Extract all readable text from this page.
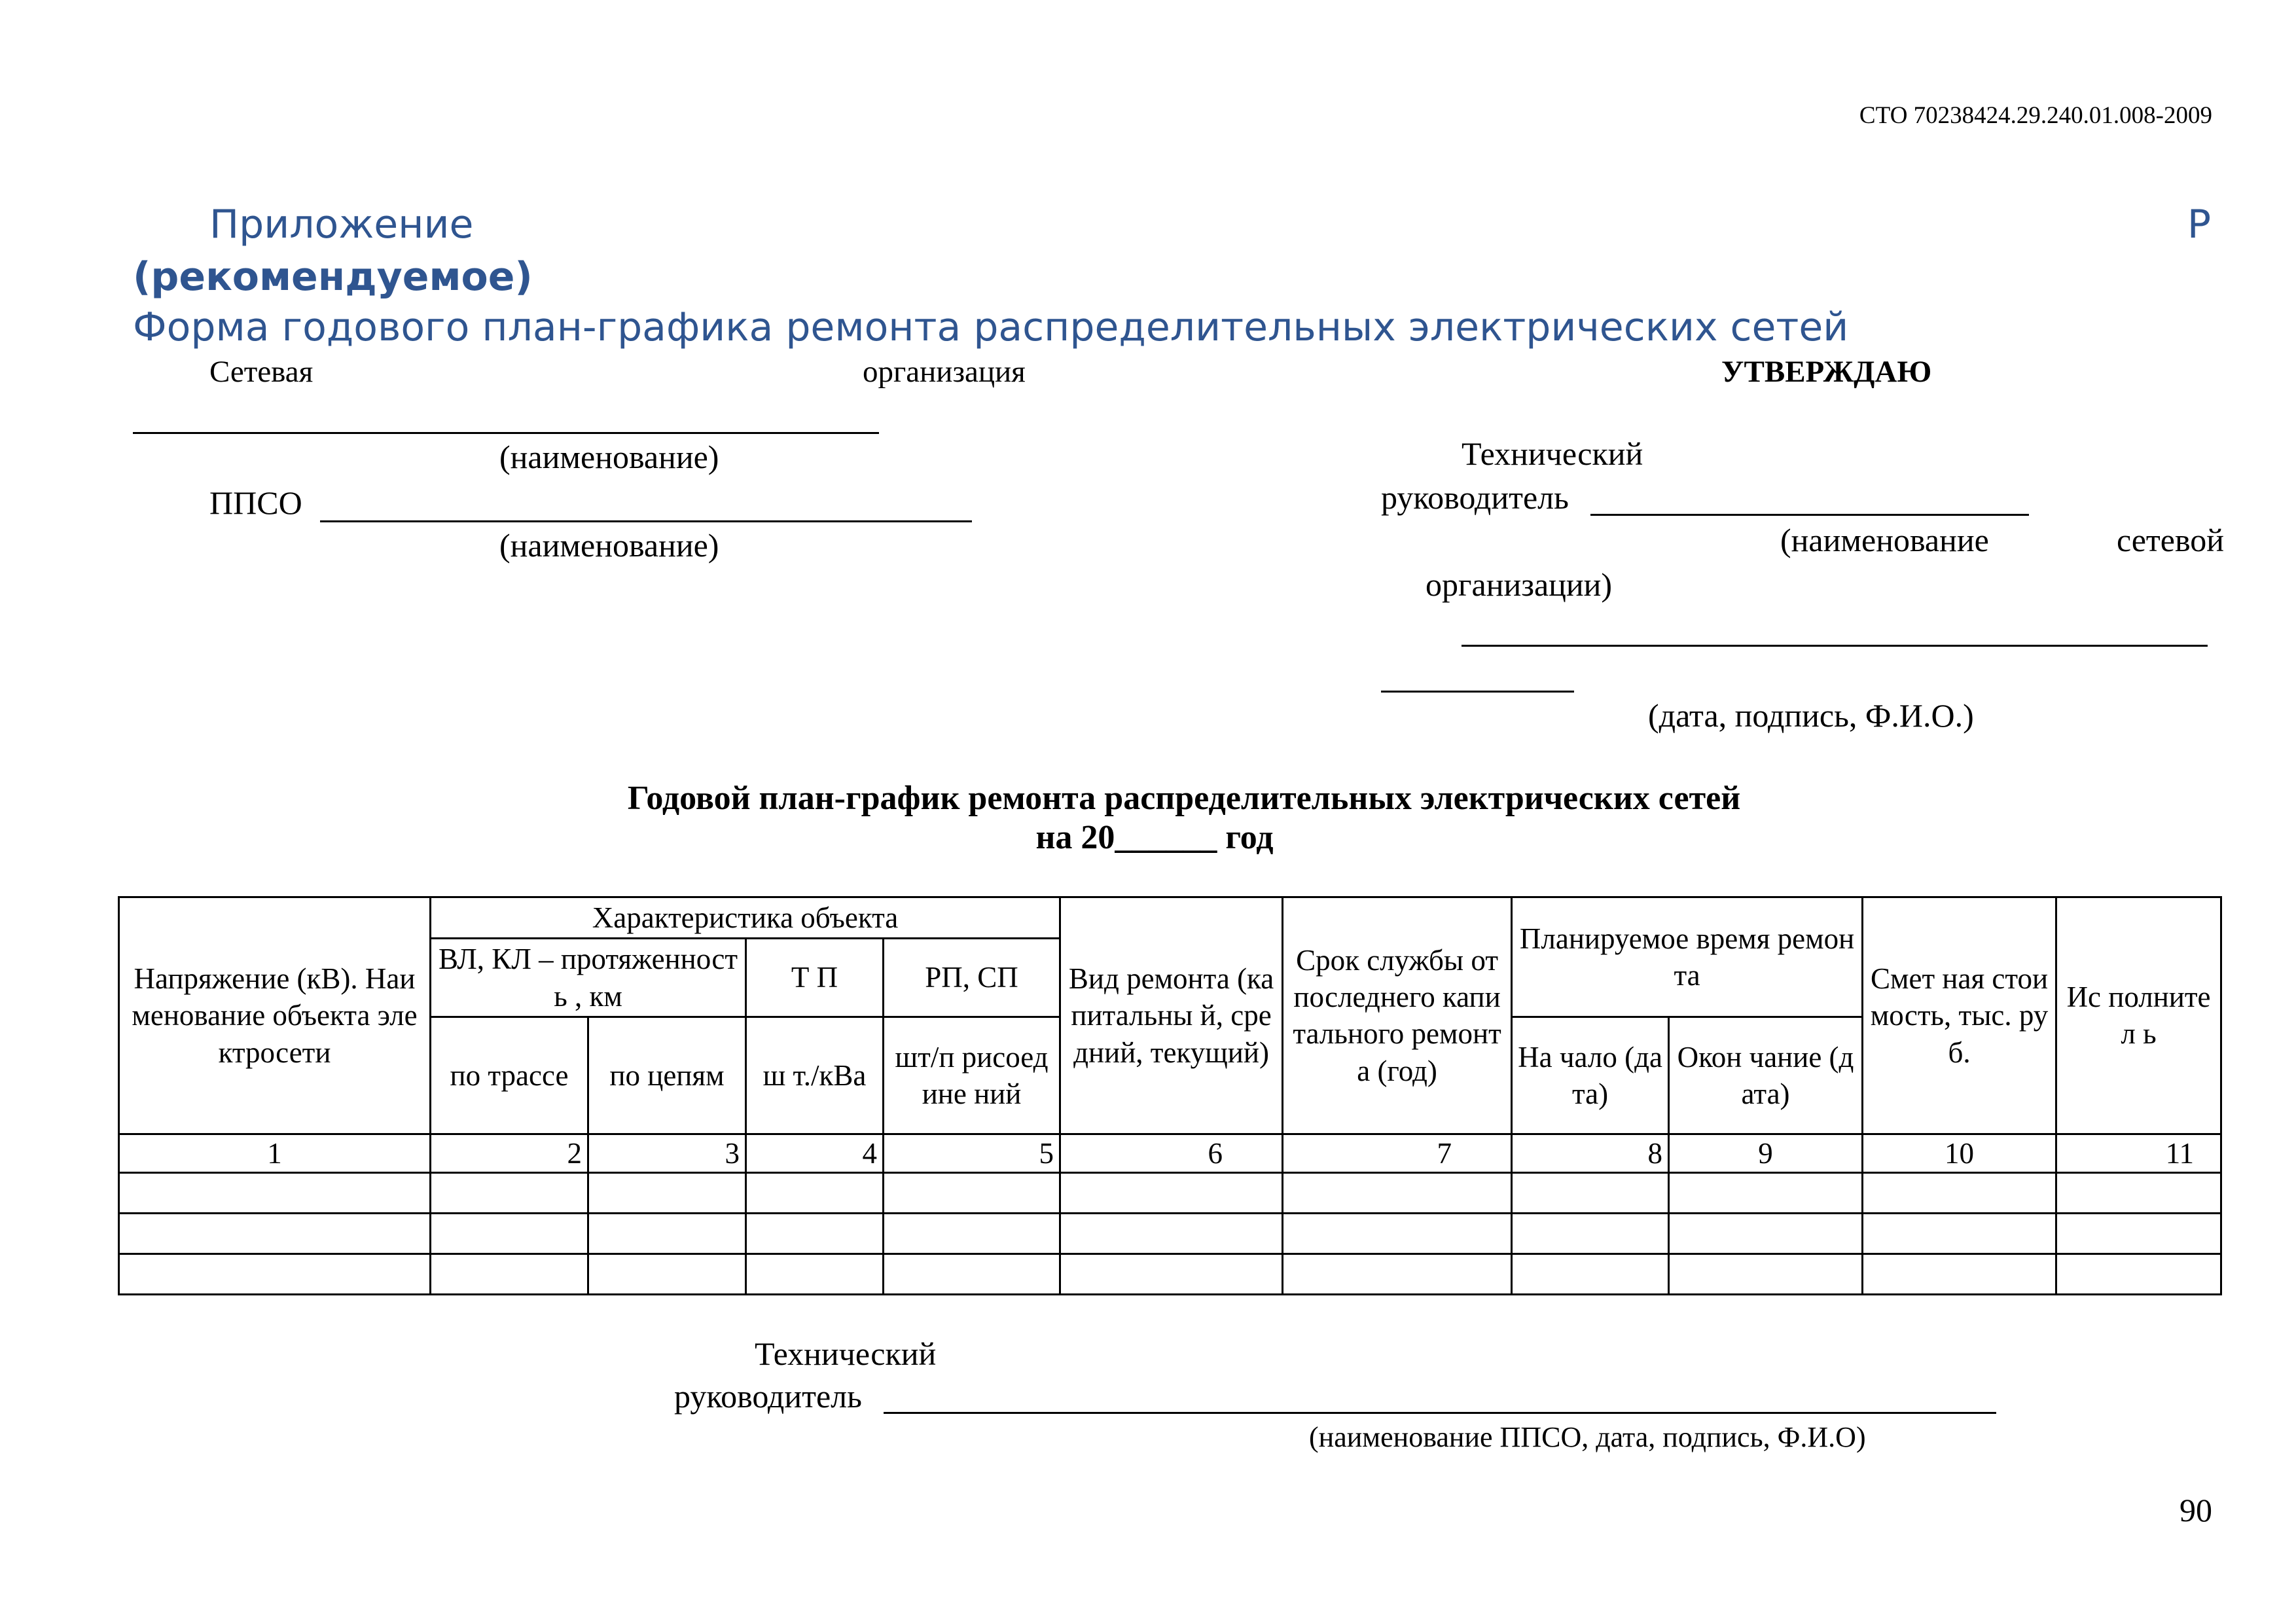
СТО 70238424.29.240.01.008-2009
Приложение	Р
(рекомендуемое)
Форма годового план-графика ремонта распределительных электрических сетей
Сетевая	организация
(наименование)
ППСО
(наименование)
УТВЕРЖДАЮ
Технический
руководитель
(наименование	сетевой
организации)
(дата, подпись, Ф.И.О.)
Годовой план-график ремонта распределительных электрических сетей
на 20______ год
Напряжение (кВ). Наименование объекта электросети	Характеристика объекта				Вид ремонта (капитальны й, средний, текущий)	Срок службы от последнего капитального ремонта (год)	Планируемое время ремонта		Смет ная стоимость, тыс. руб.	Ис полнител ь
	ВЛ, КЛ – протяженность , км		Т П	РП, СП						
	по трассе	по цепям	ш т./кВа	шт/п рисоедине ний			На чало (дата)	Окон чание (дата)		
1	2	3	4	5	6	7	8	9	10	11

Технический
руководитель
(наименование ППСО, дата, подпись, Ф.И.О)
90
